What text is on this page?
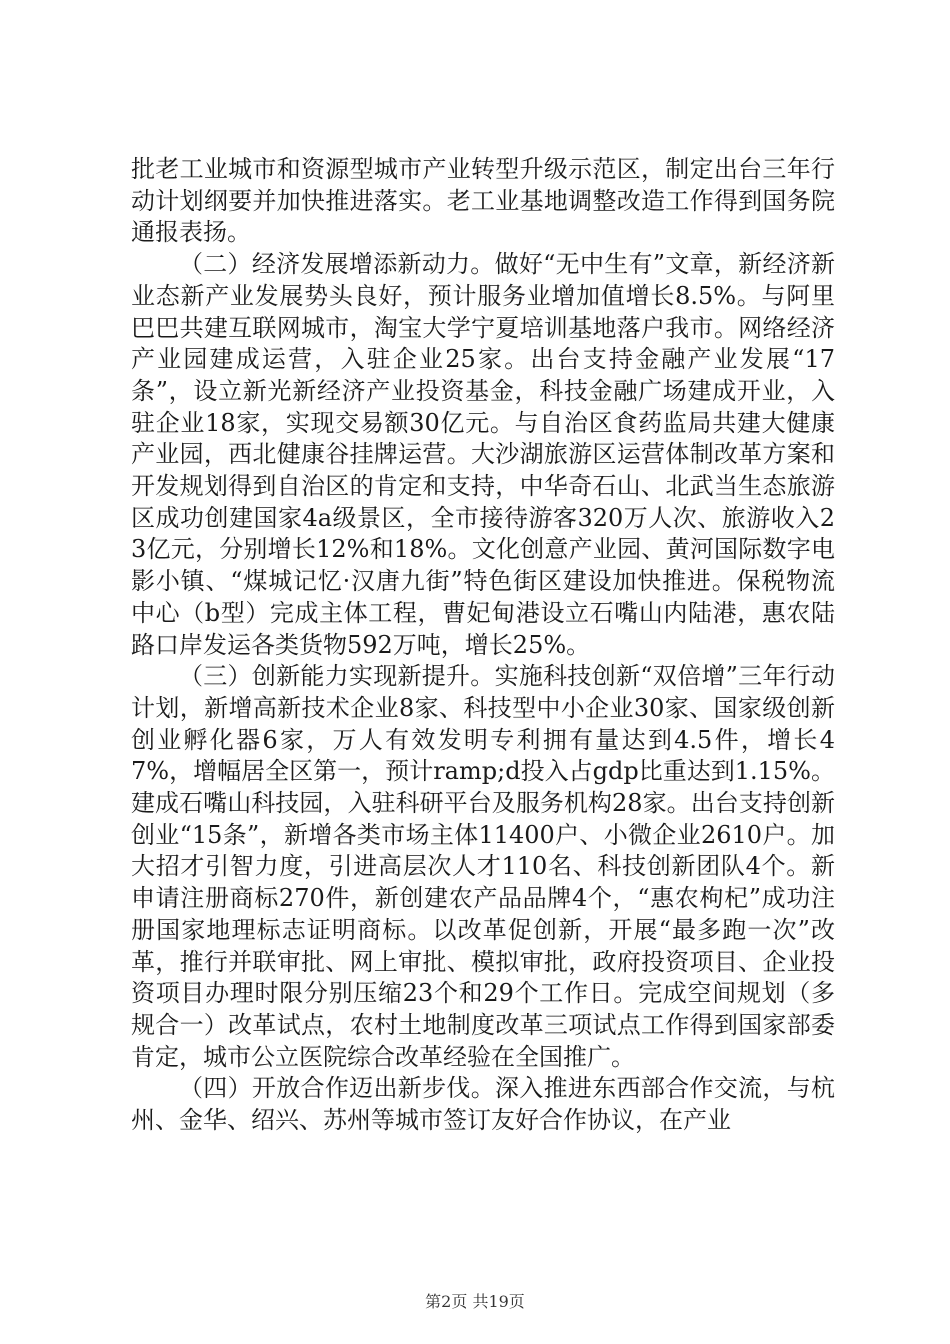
批老工业城市和资源型城市产业转型升级示范区，制定出台三年行动计划纲要并加快推进落实。老工业基地调整改造工作得到国务院通报表扬。

（二）经济发展增添新动力。做好“无中生有”文章，新经济新业态新产业发展势头良好，预计服务业增加值增长8.5%。与阿里巴巴共建互联网城市，淘宝大学宁夏培训基地落户我市。网络经济产业园建成运营，入驻企业25家。出台支持金融产业发展“17条”，设立新光新经济产业投资基金，科技金融广场建成开业，入驻企业18家，实现交易额30亿元。与自治区食药监局共建大健康产业园，西北健康谷挂牌运营。大沙湖旅游区运营体制改革方案和开发规划得到自治区的肯定和支持，中华奇石山、北武当生态旅游区成功创建国家4a级景区，全市接待游客320万人次、旅游收入23亿元，分别增长12%和18%。文化创意产业园、黄河国际数字电影小镇、“煤城记忆·汉唐九街”特色街区建设加快推进。保税物流中心（b型）完成主体工程，曹妃甸港设立石嘴山内陆港，惠农陆路口岸发运各类货物592万吨，增长25%。

（三）创新能力实现新提升。实施科技创新“双倍增”三年行动计划，新增高新技术企业8家、科技型中小企业30家、国家级创新创业孵化器6家，万人有效发明专利拥有量达到4.5件，增长47%，增幅居全区第一，预计ramp;d投入占gdp比重达到1.15%。建成石嘴山科技园，入驻科研平台及服务机构28家。出台支持创新创业“15条”，新增各类市场主体11400户、小微企业2610户。加大招才引智力度，引进高层次人才110名、科技创新团队4个。新申请注册商标270件，新创建农产品品牌4个，“惠农枸杞”成功注册国家地理标志证明商标。以改革促创新，开展“最多跑一次”改革，推行并联审批、网上审批、模拟审批，政府投资项目、企业投资项目办理时限分别压缩23个和29个工作日。完成空间规划（多规合一）改革试点，农村土地制度改革三项试点工作得到国家部委肯定，城市公立医院综合改革经验在全国推广。

（四）开放合作迈出新步伐。深入推进东西部合作交流，与杭州、金华、绍兴、苏州等城市签订友好合作协议，在产业

第2页 共19页
